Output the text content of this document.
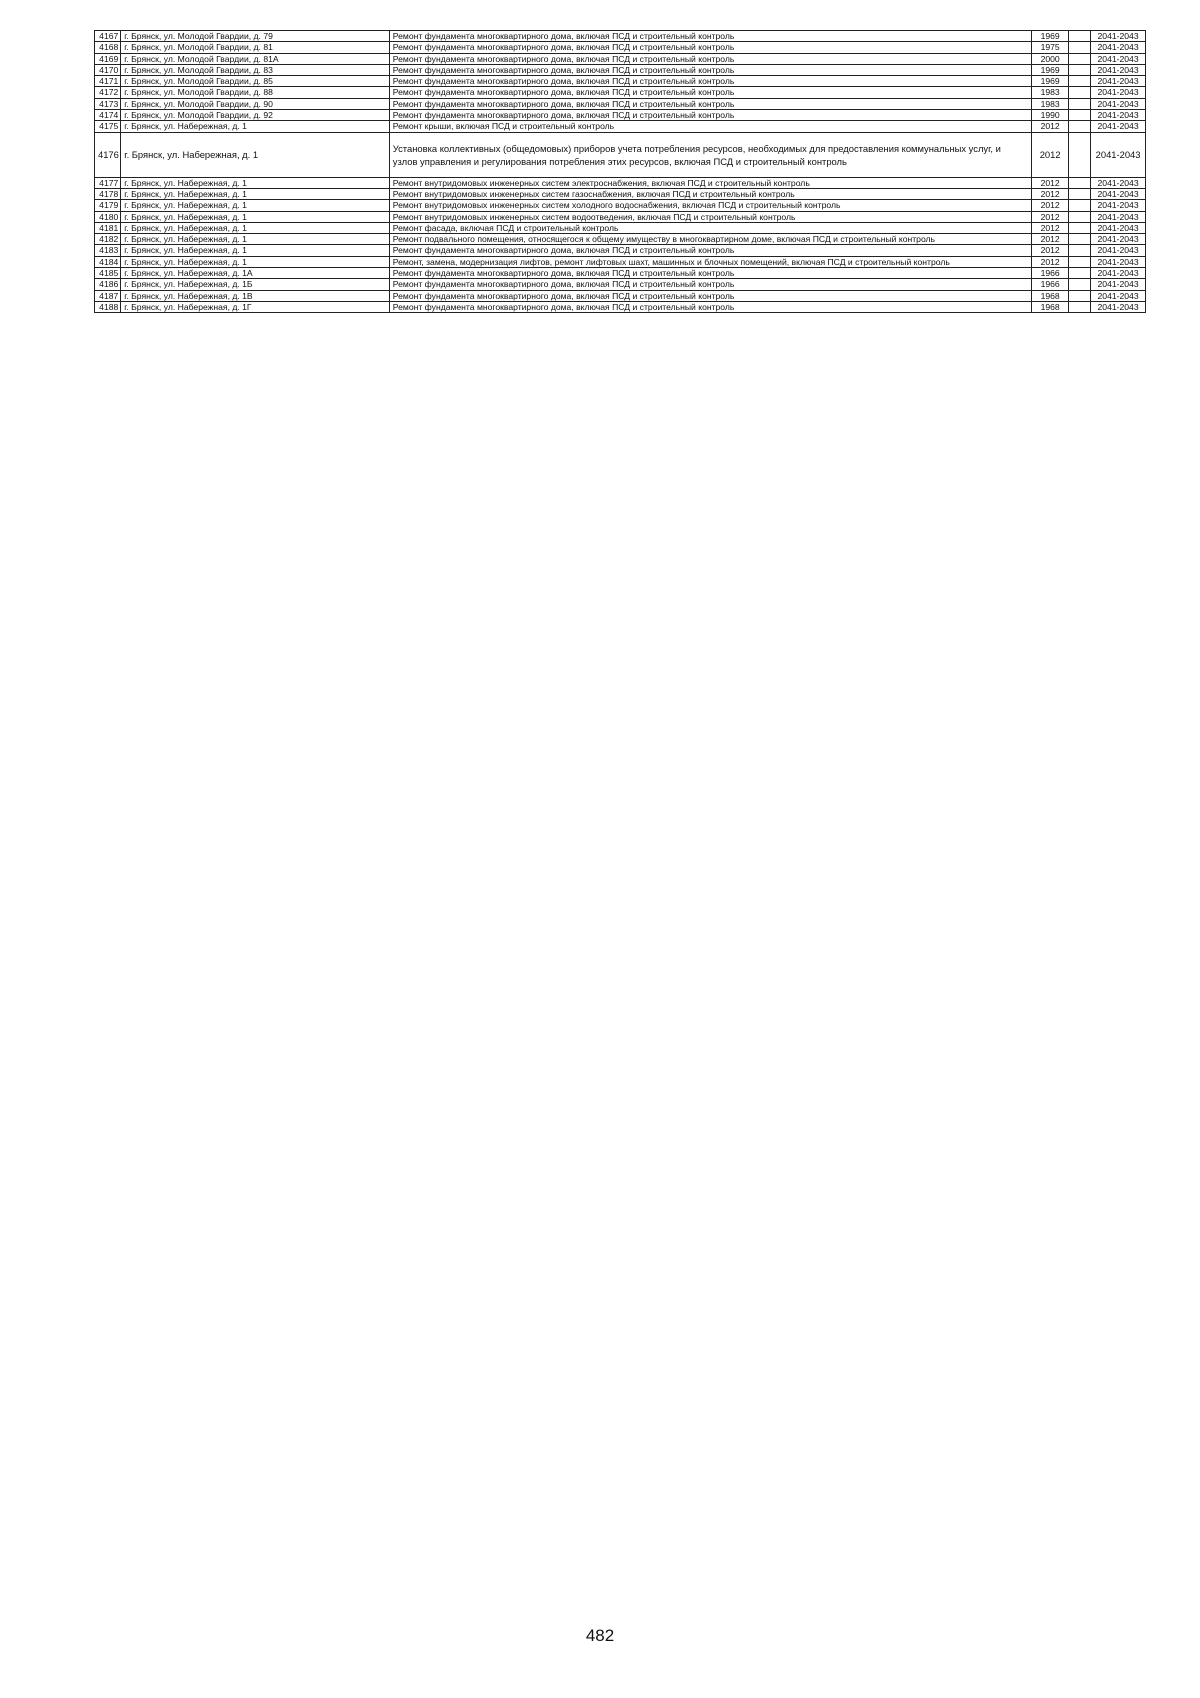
4167	г. Брянск, ул. Молодой Гвардии, д. 79	Ремонт фундамента многоквартирного дома, включая ПСД и строительный контроль	1969		2041-2043
4168	г. Брянск, ул. Молодой Гвардии, д. 81	Ремонт фундамента многоквартирного дома, включая ПСД и строительный контроль	1975		2041-2043
4169	г. Брянск, ул. Молодой Гвардии, д. 81А	Ремонт фундамента многоквартирного дома, включая ПСД и строительный контроль	2000		2041-2043
4170	г. Брянск, ул. Молодой Гвардии, д. 83	Ремонт фундамента многоквартирного дома, включая ПСД и строительный контроль	1969		2041-2043
4171	г. Брянск, ул. Молодой Гвардии, д. 85	Ремонт фундамента многоквартирного дома, включая ПСД и строительный контроль	1969		2041-2043
4172	г. Брянск, ул. Молодой Гвардии, д. 88	Ремонт фундамента многоквартирного дома, включая ПСД и строительный контроль	1983		2041-2043
4173	г. Брянск, ул. Молодой Гвардии, д. 90	Ремонт фундамента многоквартирного дома, включая ПСД и строительный контроль	1983		2041-2043
4174	г. Брянск, ул. Молодой Гвардии, д. 92	Ремонт фундамента многоквартирного дома, включая ПСД и строительный контроль	1990		2041-2043
4175	г. Брянск, ул. Набережная, д. 1	Ремонт крыши, включая ПСД и строительный контроль	2012		2041-2043
4176	г. Брянск, ул. Набережная, д. 1	Установка коллективных (общедомовых) приборов учета потребления ресурсов, необходимых для предоставления коммунальных услуг, и узлов управления и регулирования потребления этих ресурсов, включая ПСД и строительный контроль	2012		2041-2043
4177	г. Брянск, ул. Набережная, д. 1	Ремонт внутридомовых инженерных систем электроснабжения, включая ПСД и строительный контроль	2012		2041-2043
4178	г. Брянск, ул. Набережная, д. 1	Ремонт внутридомовых инженерных систем газоснабжения, включая ПСД и строительный контроль	2012		2041-2043
4179	г. Брянск, ул. Набережная, д. 1	Ремонт внутридомовых инженерных систем холодного водоснабжения, включая ПСД и строительный контроль	2012		2041-2043
4180	г. Брянск, ул. Набережная, д. 1	Ремонт внутридомовых инженерных систем водоотведения, включая ПСД и строительный контроль	2012		2041-2043
4181	г. Брянск, ул. Набережная, д. 1	Ремонт фасада, включая ПСД и строительный контроль	2012		2041-2043
4182	г. Брянск, ул. Набережная, д. 1	Ремонт подвального помещения, относящегося к общему имуществу в многоквартирном доме, включая ПСД и строительный контроль	2012		2041-2043
4183	г. Брянск, ул. Набережная, д. 1	Ремонт фундамента многоквартирного дома, включая ПСД и строительный контроль	2012		2041-2043
4184	г. Брянск, ул. Набережная, д. 1	Ремонт, замена, модернизация лифтов, ремонт лифтовых шахт, машинных и блочных помещений, включая ПСД и строительный контроль	2012		2041-2043
4185	г. Брянск, ул. Набережная, д. 1А	Ремонт фундамента многоквартирного дома, включая ПСД и строительный контроль	1966		2041-2043
4186	г. Брянск, ул. Набережная, д. 1Б	Ремонт фундамента многоквартирного дома, включая ПСД и строительный контроль	1966		2041-2043
4187	г. Брянск, ул. Набережная, д. 1В	Ремонт фундамента многоквартирного дома, включая ПСД и строительный контроль	1968		2041-2043
4188	г. Брянск, ул. Набережная, д. 1Г	Ремонт фундамента многоквартирного дома, включая ПСД и строительный контроль	1968		2041-2043
482
